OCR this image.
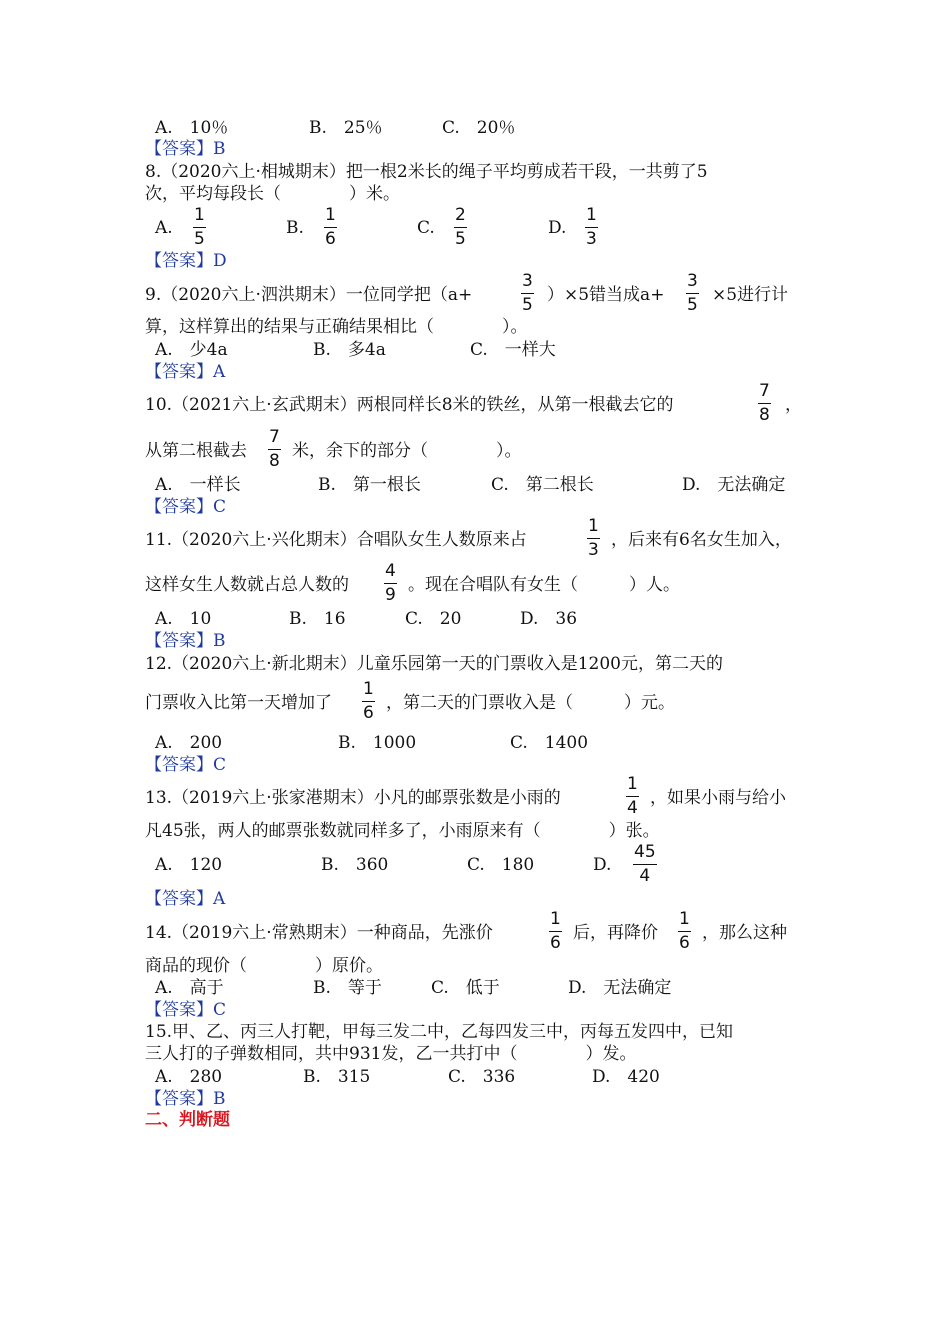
A.　10％	B.　25％	C.　20％
【答案】B
8.（2020六上·相城期末）把一根2米长的绳子平均剪成若干段，一共剪了5
次，平均每段长（　　　　）米。
A.
1
5
B.
1
6
C.
2
5
D.
1
3
【答案】D
9.（2020六上·泗洪期末）一位同学把（a+
3
5 ）×5错当成a+
3
5 ×5进行计
算，这样算出的结果与正确结果相比（　　　　）。
A.　少4a	B.　多4a	C.　一样大
【答案】A
10.（2021六上·玄武期末）两根同样长8米的铁丝，从第一根截去它的
7
8 ，
从第二根截去
7
8 米，余下的部分（　　　　）。
A.　一样长	B.　第一根长	C.　第二根长	D.　无法确定
【答案】C
11.（2020六上·兴化期末）合唱队女生人数原来占
1
3 ，后来有6名女生加入，
这样女生人数就占总人数的
4
9 。现在合唱队有女生（　　　）人。
A.　10	B.　16	C.　20	D.　36
【答案】B
12.（2020六上·新北期末）儿童乐园第一天的门票收入是1200元，第二天的
门票收入比第一天增加了
1
6 ，第二天的门票收入是（　　　）元。
A.　200	B.　1000	C.　1400
【答案】C
13.（2019六上·张家港期末）小凡的邮票张数是小雨的
1
4 ，如果小雨与给小
凡45张，两人的邮票张数就同样多了，小雨原来有（　　　　）张。
A.　120	B.　360	C.　180	D.
45
4
【答案】A
14.（2019六上·常熟期末）一种商品，先涨价
1
6 后，再降价
1
6 ，那么这种
商品的现价（　　　　）原价。
A.　高于	B.　等于	C.　低于	D.　无法确定
【答案】C
15.甲、乙、丙三人打靶，甲每三发二中，乙每四发三中，丙每五发四中，已知
三人打的子弹数相同，共中931发，乙一共打中（　　　　）发。
A.　280	B.　315	C.　336	D.　420
【答案】B
二、判断题
